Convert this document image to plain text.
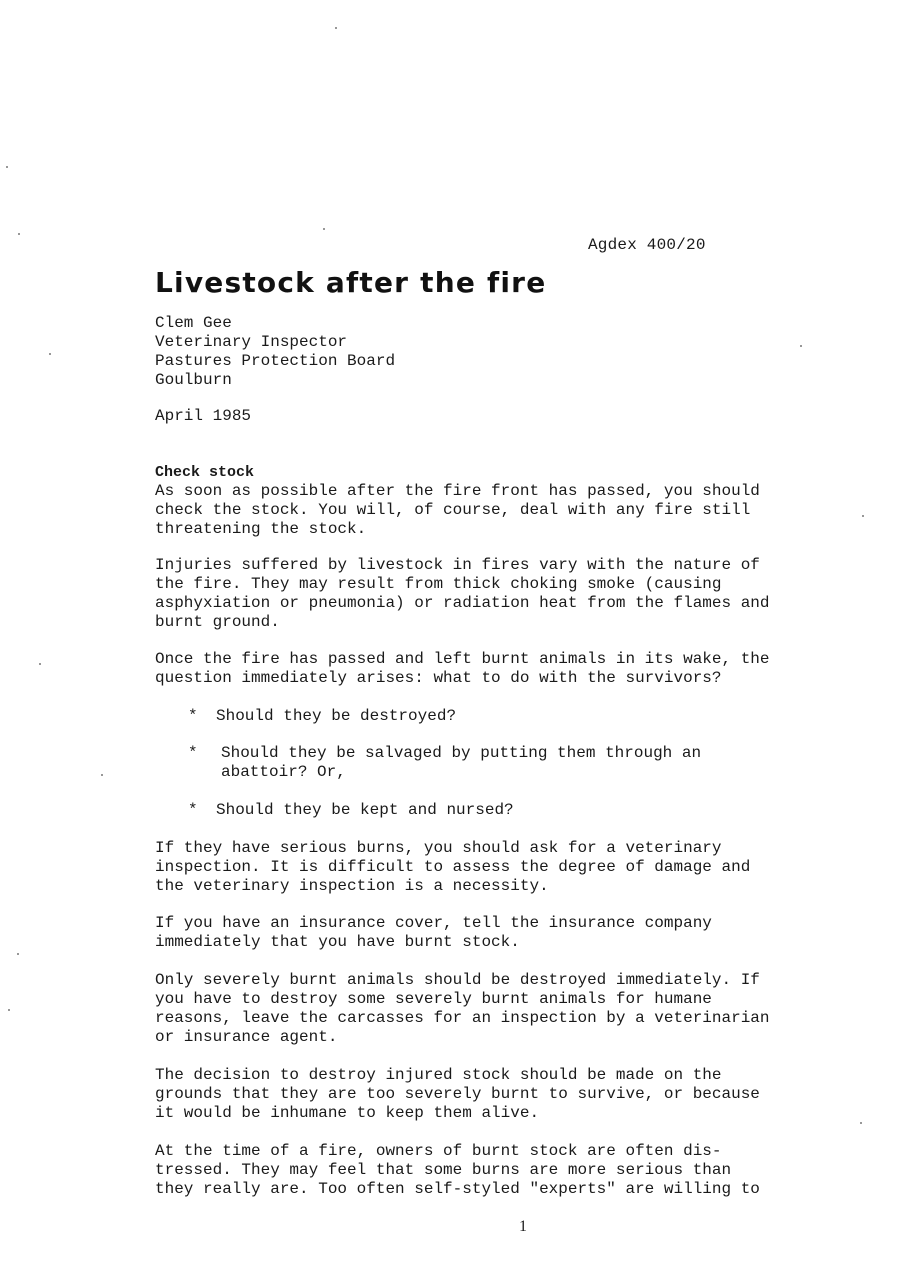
Agdex 400/20
Livestock after the fire
Clem Gee
Veterinary Inspector
Pastures Protection Board
Goulburn
April 1985
Check stock
As soon as possible after the fire front has passed, you should
check the stock. You will, of course, deal with any fire still
threatening the stock.
Injuries suffered by livestock in fires vary with the nature of
the fire. They may result from thick choking smoke (causing
asphyxiation or pneumonia) or radiation heat from the flames and
burnt ground.
Once the fire has passed and left burnt animals in its wake, the
question immediately arises: what to do with the survivors?
*	Should they be destroyed?
*	Should they be salvaged by putting them through an
abattoir? Or,
*	Should they be kept and nursed?
If they have serious burns, you should ask for a veterinary
inspection. It is difficult to assess the degree of damage and
the veterinary inspection is a necessity.
If you have an insurance cover, tell the insurance company
immediately that you have burnt stock.
Only severely burnt animals should be destroyed immediately. If
you have to destroy some severely burnt animals for humane
reasons, leave the carcasses for an inspection by a veterinarian
or insurance agent.
The decision to destroy injured stock should be made on the
grounds that they are too severely burnt to survive, or because
it would be inhumane to keep them alive.
At the time of a fire, owners of burnt stock are often dis-
tressed. They may feel that some burns are more serious than
they really are. Too often self-styled "experts" are willing to
1
